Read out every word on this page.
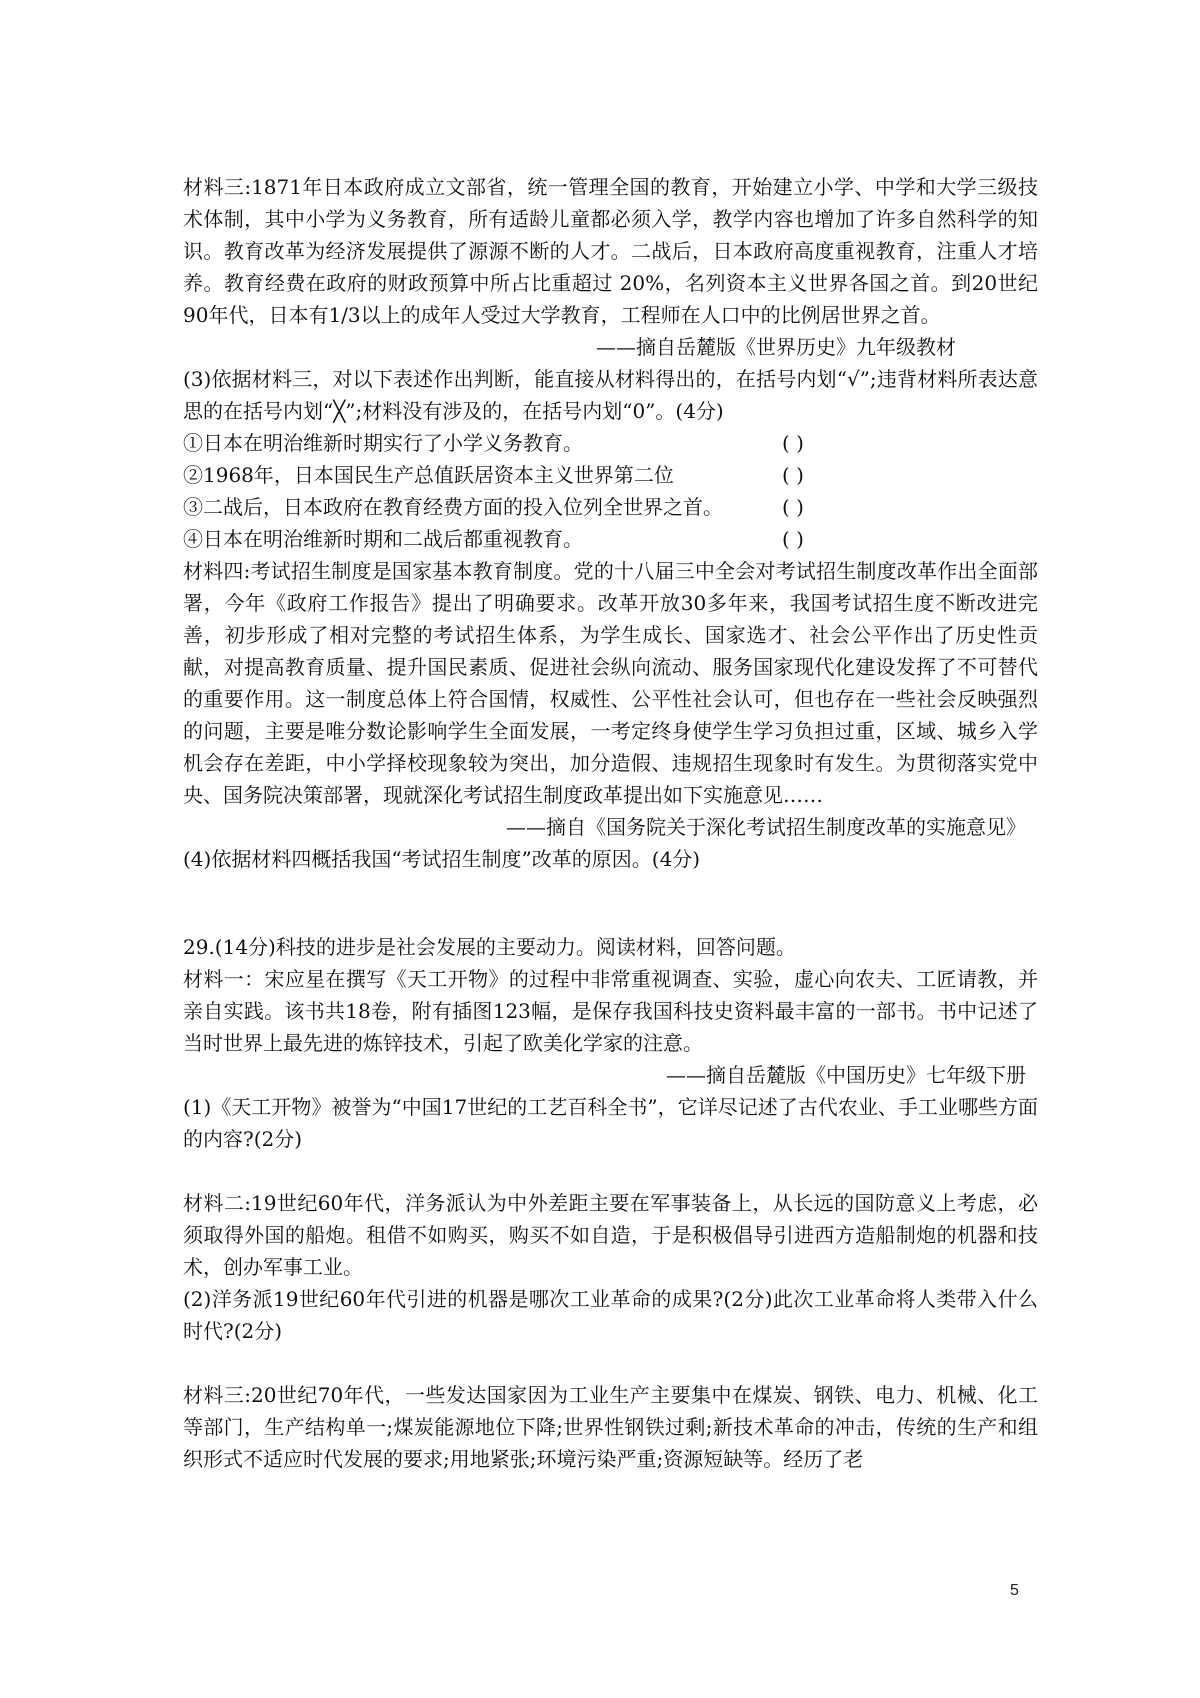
材料三:1871年日本政府成立文部省，统一管理全国的教育，开始建立小学、中学和大学三级技术体制，其中小学为义务教育，所有适龄儿童都必须入学，教学内容也增加了许多自然科学的知识。教育改革为经济发展提供了源源不断的人才。二战后，日本政府高度重视教育，注重人才培养。教育经费在政府的财政预算中所占比重超过 20%，名列资本主义世界各国之首。到20世纪90年代，日本有1/3以上的成年人受过大学教育，工程师在人口中的比例居世界之首。

——摘自岳麓版《世界历史》九年级教材

(3)依据材料三，对以下表述作出判断，能直接从材料得出的，在括号内划“√”;违背材料所表达意思的在括号内划“╳”;材料没有涉及的，在括号内划“0”。(4分)

①日本在明治维新时期实行了小学义务教育。	( )
②1968年，日本国民生产总值跃居资本主义世界第二位	( )
③二战后，日本政府在教育经费方面的投入位列全世界之首。	( )
④日本在明治维新时期和二战后都重视教育。	( )

材料四:考试招生制度是国家基本教育制度。党的十八届三中全会对考试招生制度改革作出全面部署，今年《政府工作报告》提出了明确要求。改革开放30多年来，我国考试招生度不断改进完善，初步形成了相对完整的考试招生体系，为学生成长、国家选才、社会公平作出了历史性贡献，对提高教育质量、提升国民素质、促进社会纵向流动、服务国家现代化建设发挥了不可替代的重要作用。这一制度总体上符合国情，权威性、公平性社会认可，但也存在一些社会反映强烈的问题，主要是唯分数论影响学生全面发展，一考定终身使学生学习负担过重，区域、城乡入学机会存在差距，中小学择校现象较为突出，加分造假、违规招生现象时有发生。为贯彻落实党中央、国务院决策部署，现就深化考试招生制度政革提出如下实施意见……

——摘自《国务院关于深化考试招生制度改革的实施意见》

(4)依据材料四概括我国“考试招生制度”改革的原因。(4分)

29.(14分)科技的进步是社会发展的主要动力。阅读材料，回答问题。

材料一：宋应星在撰写《天工开物》的过程中非常重视调查、实验，虚心向农夫、工匠请教，并亲自实践。该书共18卷，附有插图123幅，是保存我国科技史资料最丰富的一部书。书中记述了当时世界上最先进的炼锌技术，引起了欧美化学家的注意。

——摘自岳麓版《中国历史》七年级下册

(1)《天工开物》被誉为“中国17世纪的工艺百科全书”，它详尽记述了古代农业、手工业哪些方面的内容?(2分)

材料二:19世纪60年代，洋务派认为中外差距主要在军事装备上，从长远的国防意义上考虑，必须取得外国的船炮。租借不如购买，购买不如自造，于是积极倡导引进西方造船制炮的机器和技术，创办军事工业。

(2)洋务派19世纪60年代引进的机器是哪次工业革命的成果?(2分)此次工业革命将人类带入什么时代?(2分)

材料三:20世纪70年代，一些发达国家因为工业生产主要集中在煤炭、钢铁、电力、机械、化工等部门，生产结构单一;煤炭能源地位下降;世界性钢铁过剩;新技术革命的冲击，传统的生产和组织形式不适应时代发展的要求;用地紧张;环境污染严重;资源短缺等。经历了老

5
